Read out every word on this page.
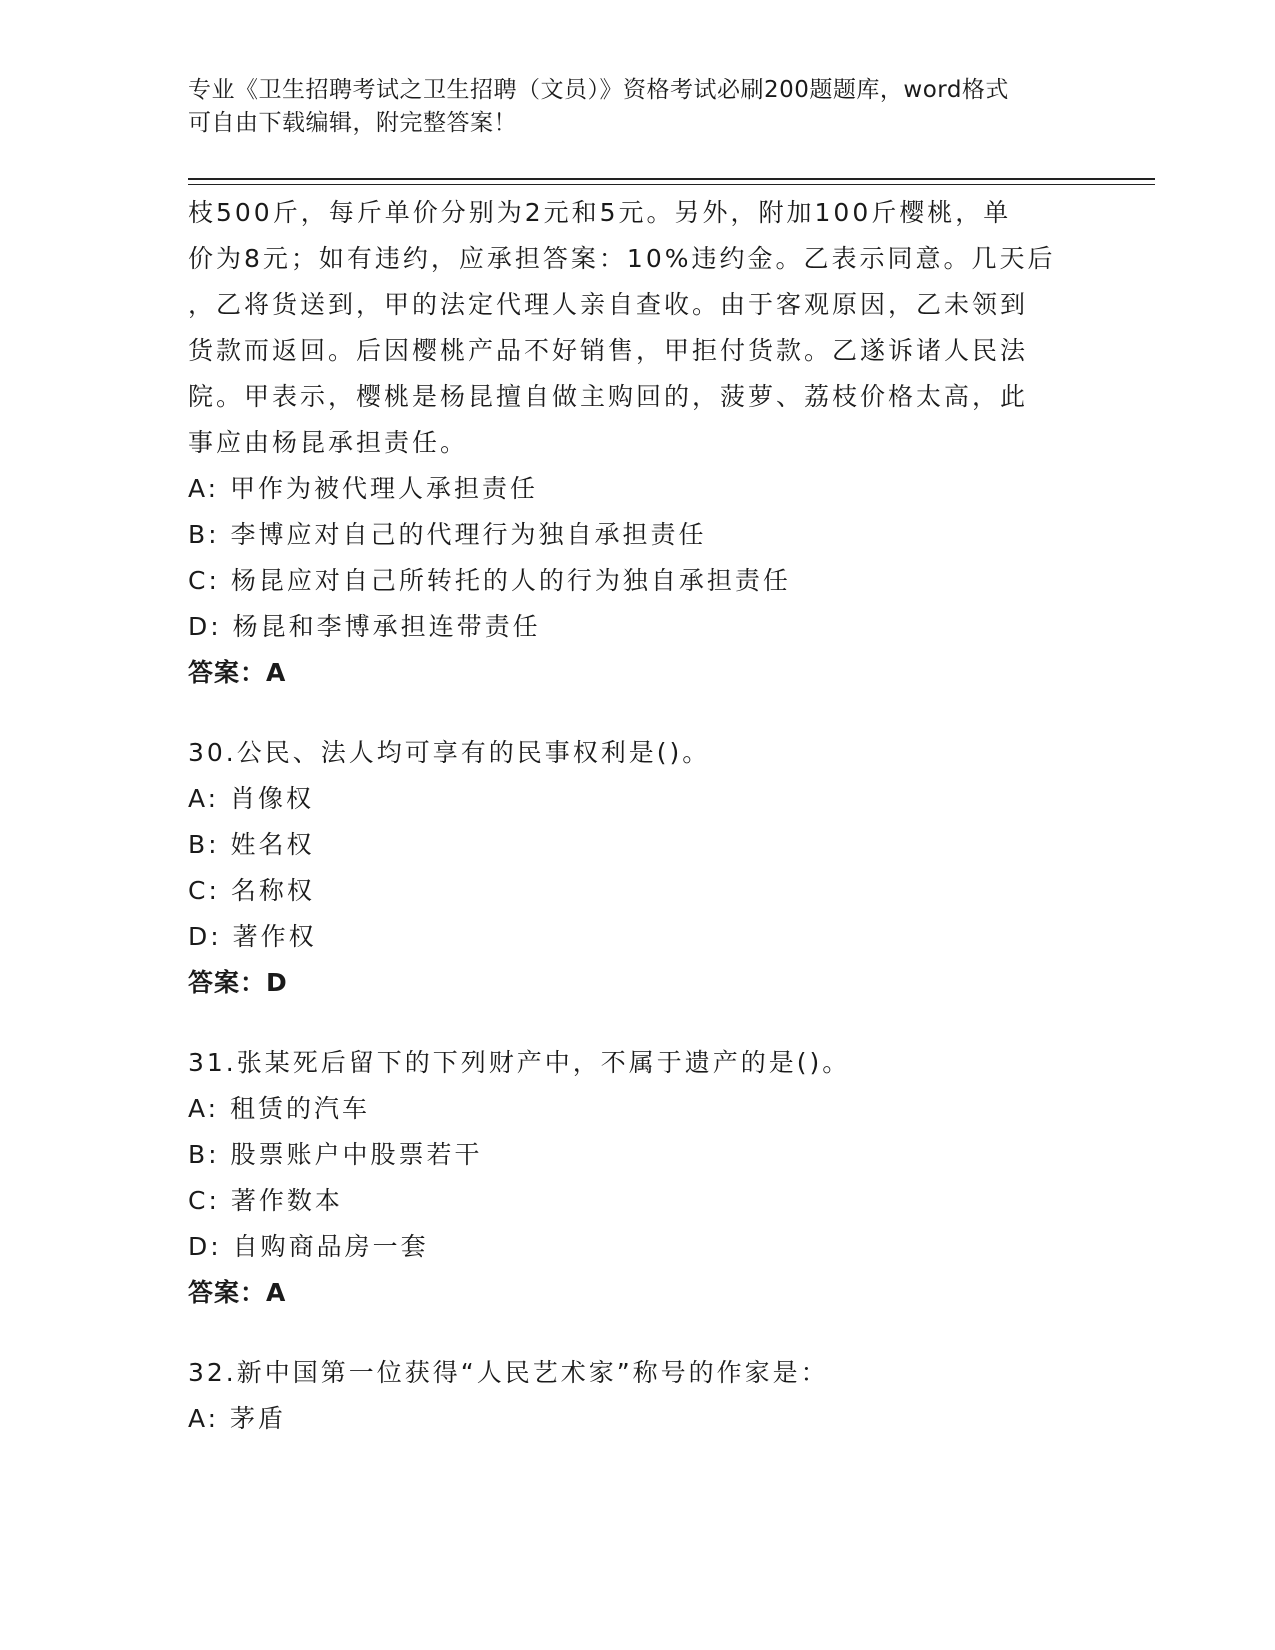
专业《卫生招聘考试之卫生招聘（文员）》资格考试必刷200题题库，word格式
可自由下载编辑，附完整答案！
枝500斤，每斤单价分别为2元和5元。另外，附加100斤樱桃，单
价为8元；如有违约，应承担答案：10%违约金。乙表示同意。几天后
，乙将货送到，甲的法定代理人亲自查收。由于客观原因，乙未领到
货款而返回。后因樱桃产品不好销售，甲拒付货款。乙遂诉诸人民法
院。甲表示，樱桃是杨昆擅自做主购回的，菠萝、荔枝价格太高，此
事应由杨昆承担责任。
A: 甲作为被代理人承担责任
B: 李博应对自己的代理行为独自承担责任
C: 杨昆应对自己所转托的人的行为独自承担责任
D: 杨昆和李博承担连带责任
答案：A
30.公民、法人均可享有的民事权利是()。
A: 肖像权
B: 姓名权
C: 名称权
D: 著作权
答案：D
31.张某死后留下的下列财产中，不属于遗产的是()。
A: 租赁的汽车
B: 股票账户中股票若干
C: 著作数本
D: 自购商品房一套
答案：A
32.新中国第一位获得“人民艺术家”称号的作家是：
A: 茅盾
